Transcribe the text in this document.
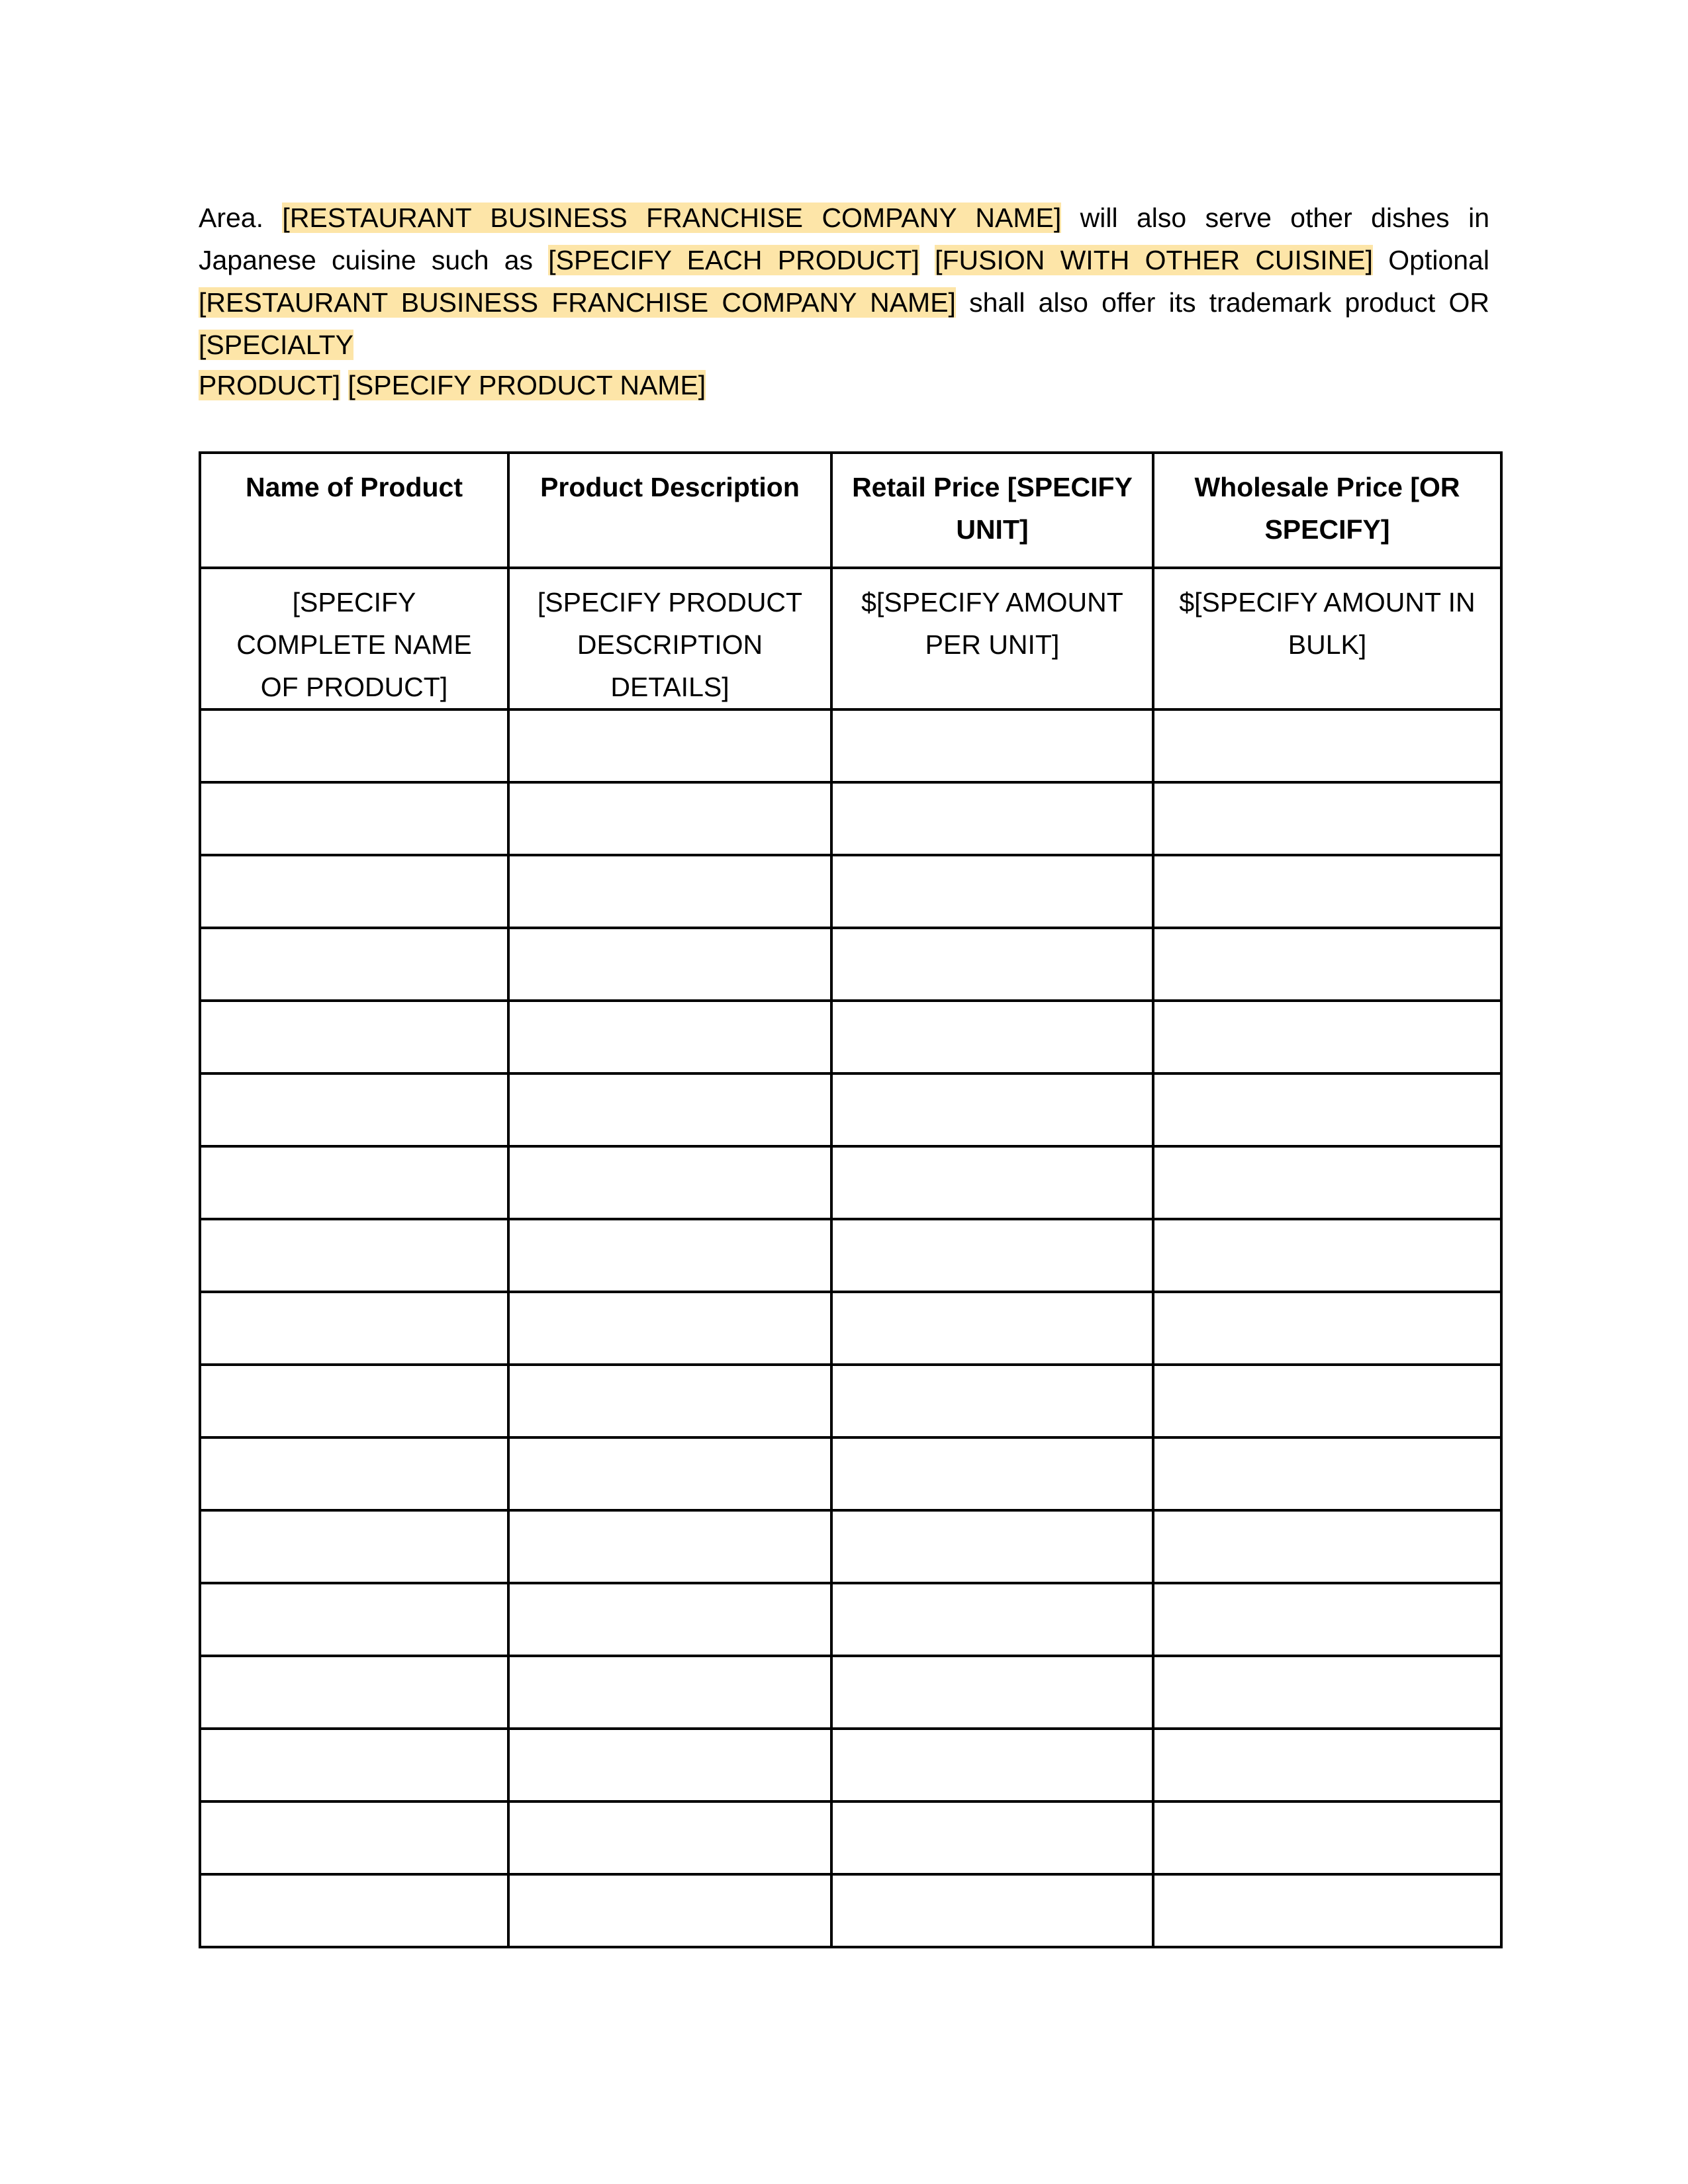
Area. [RESTAURANT BUSINESS FRANCHISE COMPANY NAME] will also serve other dishes in Japanese cuisine such as [SPECIFY EACH PRODUCT] [FUSION WITH OTHER CUISINE] Optional [RESTAURANT BUSINESS FRANCHISE COMPANY NAME] shall also offer its trademark product OR [SPECIALTY

PRODUCT] [SPECIFY PRODUCT NAME]

Name of Product	Product Description	Retail Price [SPECIFY UNIT]	Wholesale Price [OR SPECIFY]
[SPECIFY COMPLETE NAME OF PRODUCT]	[SPECIFY PRODUCT DESCRIPTION DETAILS]	$[SPECIFY AMOUNT PER UNIT]	$[SPECIFY AMOUNT IN BULK]
